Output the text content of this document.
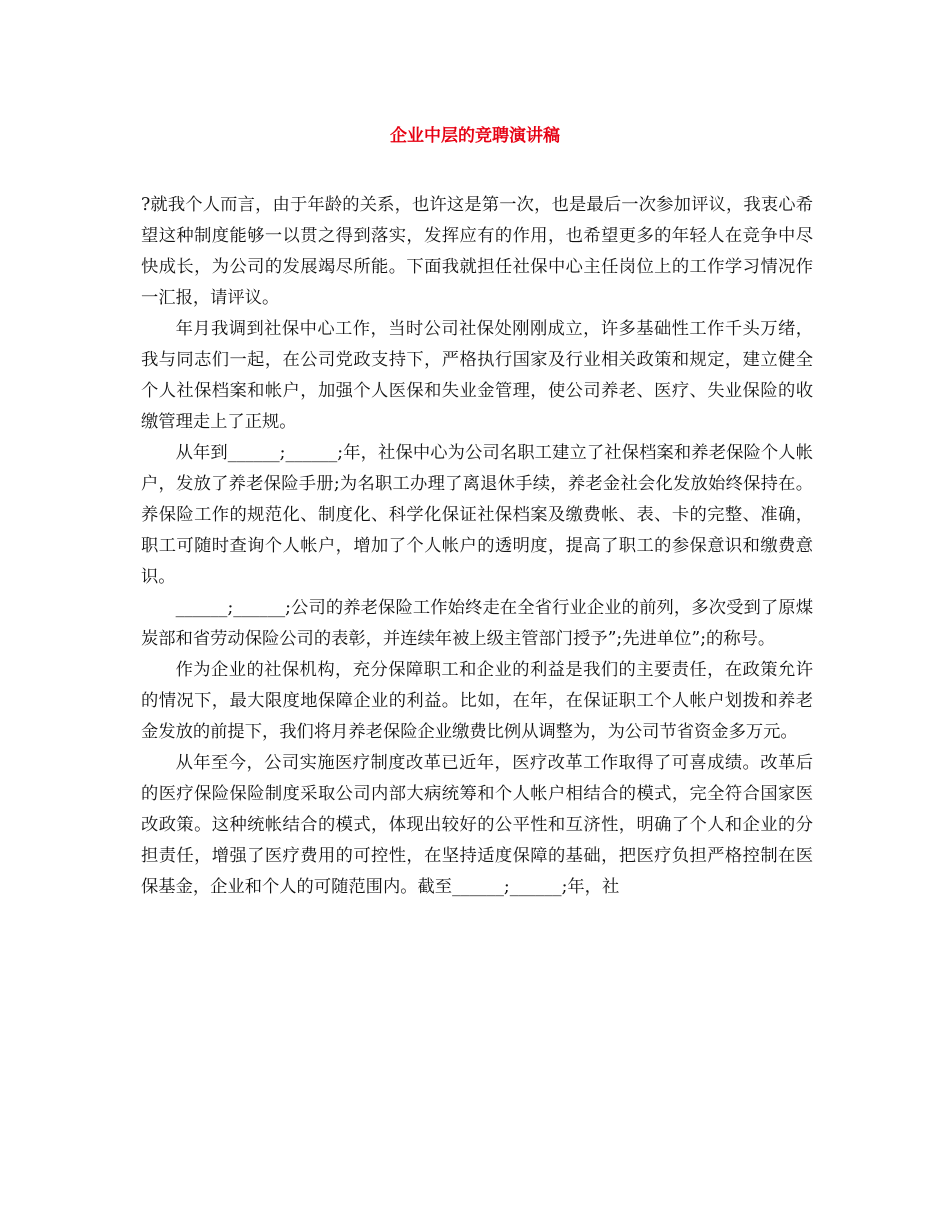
企业中层的竞聘演讲稿

?就我个人而言，由于年龄的关系，也许这是第一次，也是最后一次参加评议，我衷心希望这种制度能够一以贯之得到落实，发挥应有的作用，也希望更多的年轻人在竞争中尽快成长，为公司的发展竭尽所能。下面我就担任社保中心主任岗位上的工作学习情况作一汇报，请评议。

年月我调到社保中心工作，当时公司社保处刚刚成立，许多基础性工作千头万绪，我与同志们一起，在公司党政支持下，严格执行国家及行业相关政策和规定，建立健全个人社保档案和帐户，加强个人医保和失业金管理，使公司养老、医疗、失业保险的收缴管理走上了正规。

从年到______;______;年，社保中心为公司名职工建立了社保档案和养老保险个人帐户，发放了养老保险手册;为名职工办理了离退休手续，养老金社会化发放始终保持在。养保险工作的规范化、制度化、科学化保证社保档案及缴费帐、表、卡的完整、准确，职工可随时查询个人帐户，增加了个人帐户的透明度，提高了职工的参保意识和缴费意识。

______;______;公司的养老保险工作始终走在全省行业企业的前列，多次受到了原煤炭部和省劳动保险公司的表彰，并连续年被上级主管部门授予”;先进单位”;的称号。

作为企业的社保机构，充分保障职工和企业的利益是我们的主要责任，在政策允许的情况下，最大限度地保障企业的利益。比如，在年，在保证职工个人帐户划拨和养老金发放的前提下，我们将月养老保险企业缴费比例从调整为，为公司节省资金多万元。

从年至今，公司实施医疗制度改革已近年，医疗改革工作取得了可喜成绩。改革后的医疗保险保险制度采取公司内部大病统筹和个人帐户相结合的模式，完全符合国家医改政策。这种统帐结合的模式，体现出较好的公平性和互济性，明确了个人和企业的分担责任，增强了医疗费用的可控性，在坚持适度保障的基础，把医疗负担严格控制在医保基金，企业和个人的可随范围内。截至______;______;年，社
